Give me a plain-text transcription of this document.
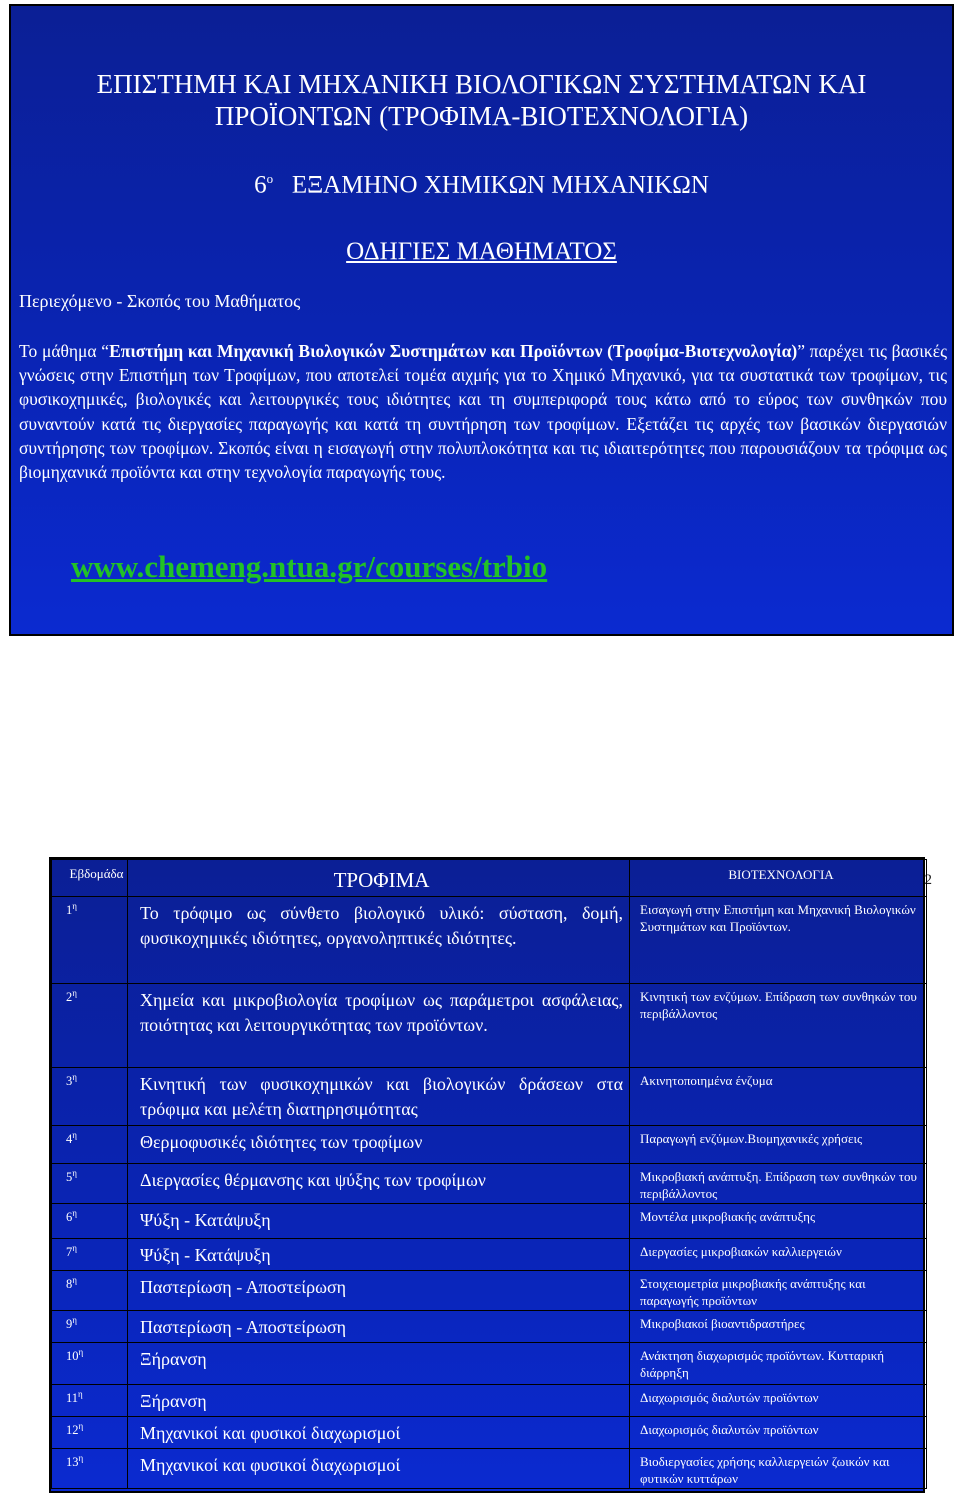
ΕΠΙΣΤΗΜΗ ΚΑΙ ΜΗΧΑΝΙΚΗ ΒΙΟΛΟΓΙΚΩΝ ΣΥΣΤΗΜΑΤΩΝ ΚΑΙ
ΠΡΟΪΟΝΤΩΝ (ΤΡΟΦΙΜΑ-ΒΙΟΤΕΧΝΟΛΟΓΙΑ)
$6^o$ ΕΞΑΜΗΝΟ ΧΗΜΙΚΩΝ ΜΗΧΑΝΙΚΩΝ
ΟΔΗΓΙΕΣ ΜΑΘΗΜΑΤΟΣ

Περιεχόμενο - Σκοπός του Μαθήματος

Το μάθημα “Επιστήμη και Μηχανική Βιολογικών Συστημάτων και Προϊόντων (Τροφίμα-Βιοτεχνολογία)” παρέχει τις βασικές γνώσεις στην Επιστήμη των Τροφίμων, που αποτελεί τομέα αιχμής για το Χημικό Μηχανικό, για τα συστατικά των τροφίμων, τις φυσικοχημικές, βιολογικές και λειτουργικές τους ιδιότητες και τη συμπεριφορά τους κάτω από το εύρος των συνθηκών που συναντούν κατά τις διεργασίες παραγωγής και κατά τη συντήρηση των τροφίμων. Εξετάζει τις αρχές των βασικών διεργασιών συντήρησης των τροφίμων. Σκοπός είναι η εισαγωγή στην πολυπλοκότητα και τις ιδιαιτερότητες που παρουσιάζουν τα τρόφιμα ως βιομηχανικά προϊόντα και στην τεχνολογία παραγωγής τους.

www.chemeng.ntua.gr/courses/trbio
2
Εβδομάδα	ΤΡΟΦΙΜΑ	ΒΙΟΤΕΧΝΟΛΟΓΙΑ
$1^\eta$	Το τρόφιμο ως σύνθετο βιολογικό υλικό: σύσταση, δομή, φυσικοχημικές ιδιότητες, οργανοληπτικές ιδιότητες.	Εισαγωγή στην Επιστήμη και Μηχανική Βιολογικών Συστημάτων και Προϊόντων.
$2^\eta$	Χημεία και μικροβιολογία τροφίμων ως παράμετροι ασφάλειας, ποιότητας και λειτουργικότητας των προϊόντων.	Κινητική των ενζύμων. Επίδραση των συνθηκών του περιβάλλοντος
$3^\eta$	Κινητική των φυσικοχημικών και βιολογικών δράσεων στα τρόφιμα και μελέτη διατηρησιμότητας	Ακινητοποιημένα ένζυμα
$4^\eta$	Θερμοφυσικές ιδιότητες των τροφίμων	Παραγωγή ενζύμων.Βιομηχανικές χρήσεις
$5^\eta$	Διεργασίες θέρμανσης και ψύξης των τροφίμων	Μικροβιακή ανάπτυξη. Επίδραση των συνθηκών του περιβάλλοντος
$6^\eta$	Ψύξη - Κατάψυξη	Μοντέλα μικροβιακής ανάπτυξης
$7^\eta$	Ψύξη - Κατάψυξη	Διεργασίες μικροβιακών καλλιεργειών
$8^\eta$	Παστερίωση - Αποστείρωση	Στοιχειομετρία μικροβιακής ανάπτυξης και παραγωγής προϊόντων
$9^\eta$	Παστερίωση - Αποστείρωση	Μικροβιακοί βιοαντιδραστήρες
$10^\eta$	Ξήρανση	Ανάκτηση διαχωρισμός προϊόντων. Κυτταρική διάρρηξη
$11^\eta$	Ξήρανση	Διαχωρισμός διαλυτών προϊόντων
$12^\eta$	Μηχανικοί και φυσικοί διαχωρισμοί	Διαχωρισμός διαλυτών προϊόντων
$13^\eta$	Μηχανικοί και φυσικοί διαχωρισμοί	Βιοδιεργασίες χρήσης καλλιεργειών ζωικών και φυτικών κυττάρων
